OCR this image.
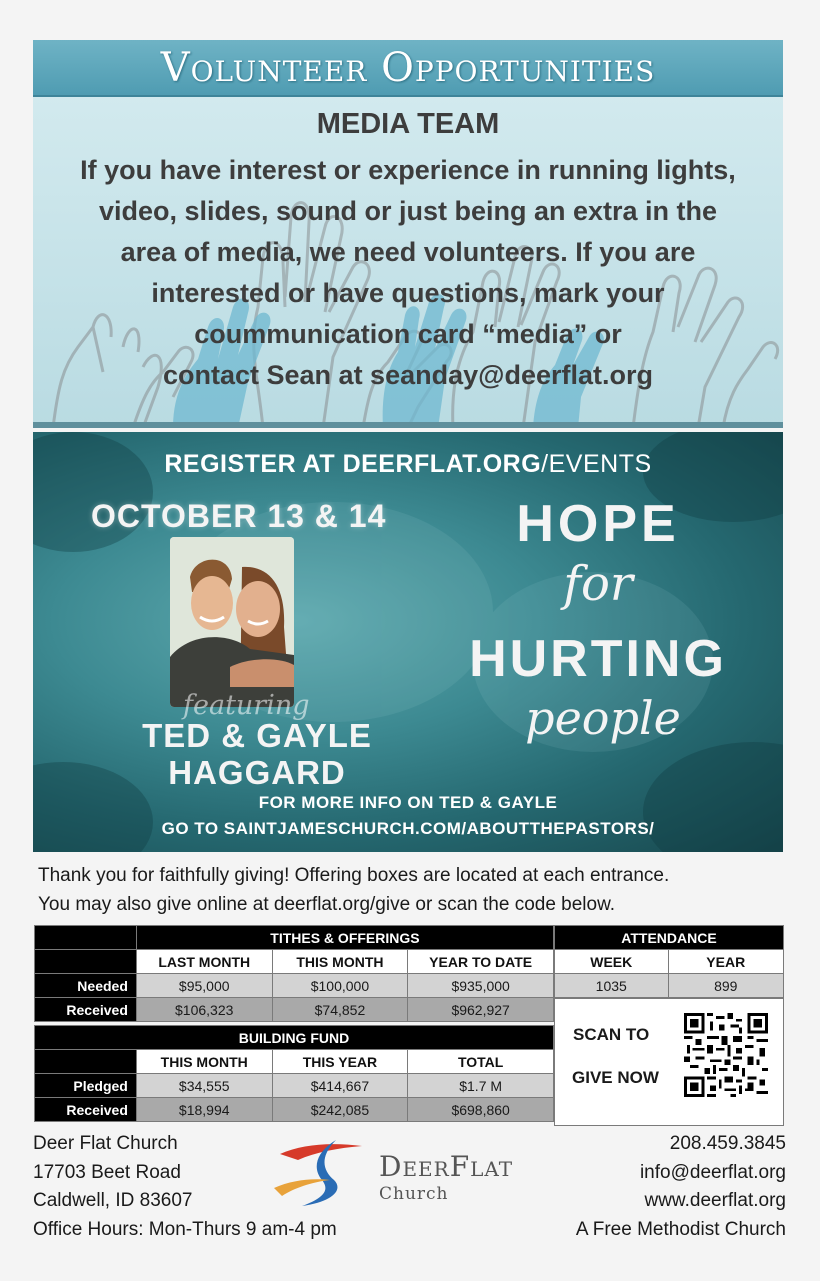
Volunteer Opportunities
MEDIA TEAM
If you have interest or experience in running lights,
video, slides, sound or just being an extra in the
area of media, we need volunteers. If you are
interested or have questions, mark your
coummunication card “media” or
contact Sean at seanday@deerflat.org
REGISTER AT DEERFLAT.ORG/EVENTS
OCTOBER 13 & 14
featuring
TED & GAYLE
HAGGARD
HOPE
for
HURTING
people
FOR MORE INFO ON TED & GAYLE
GO TO SAINTJAMESCHURCH.COM/ABOUTTHEPASTORS/
Thank you for faithfully giving! Offering boxes are located at each entrance.
You may also give online at deerflat.org/give or scan the code below.
	TITHES & OFFERINGS		
	LAST MONTH	THIS MONTH	YEAR TO DATE
Needed	$95,000	$100,000	$935,000
Received	$106,323	$74,852	$962,927
ATTENDANCE	
WEEK	YEAR
1035	899
BUILDING FUND			
	THIS MONTH	THIS YEAR	TOTAL
Pledged	$34,555	$414,667	$1.7 M
Received	$18,994	$242,085	$698,860
SCAN TO
GIVE NOW
Deer Flat Church
17703 Beet Road
Caldwell, ID 83607
Office Hours: Mon-Thurs 9 am-4 pm
DeerFlat
Church
208.459.3845
info@deerflat.org
www.deerflat.org
A Free Methodist Church
